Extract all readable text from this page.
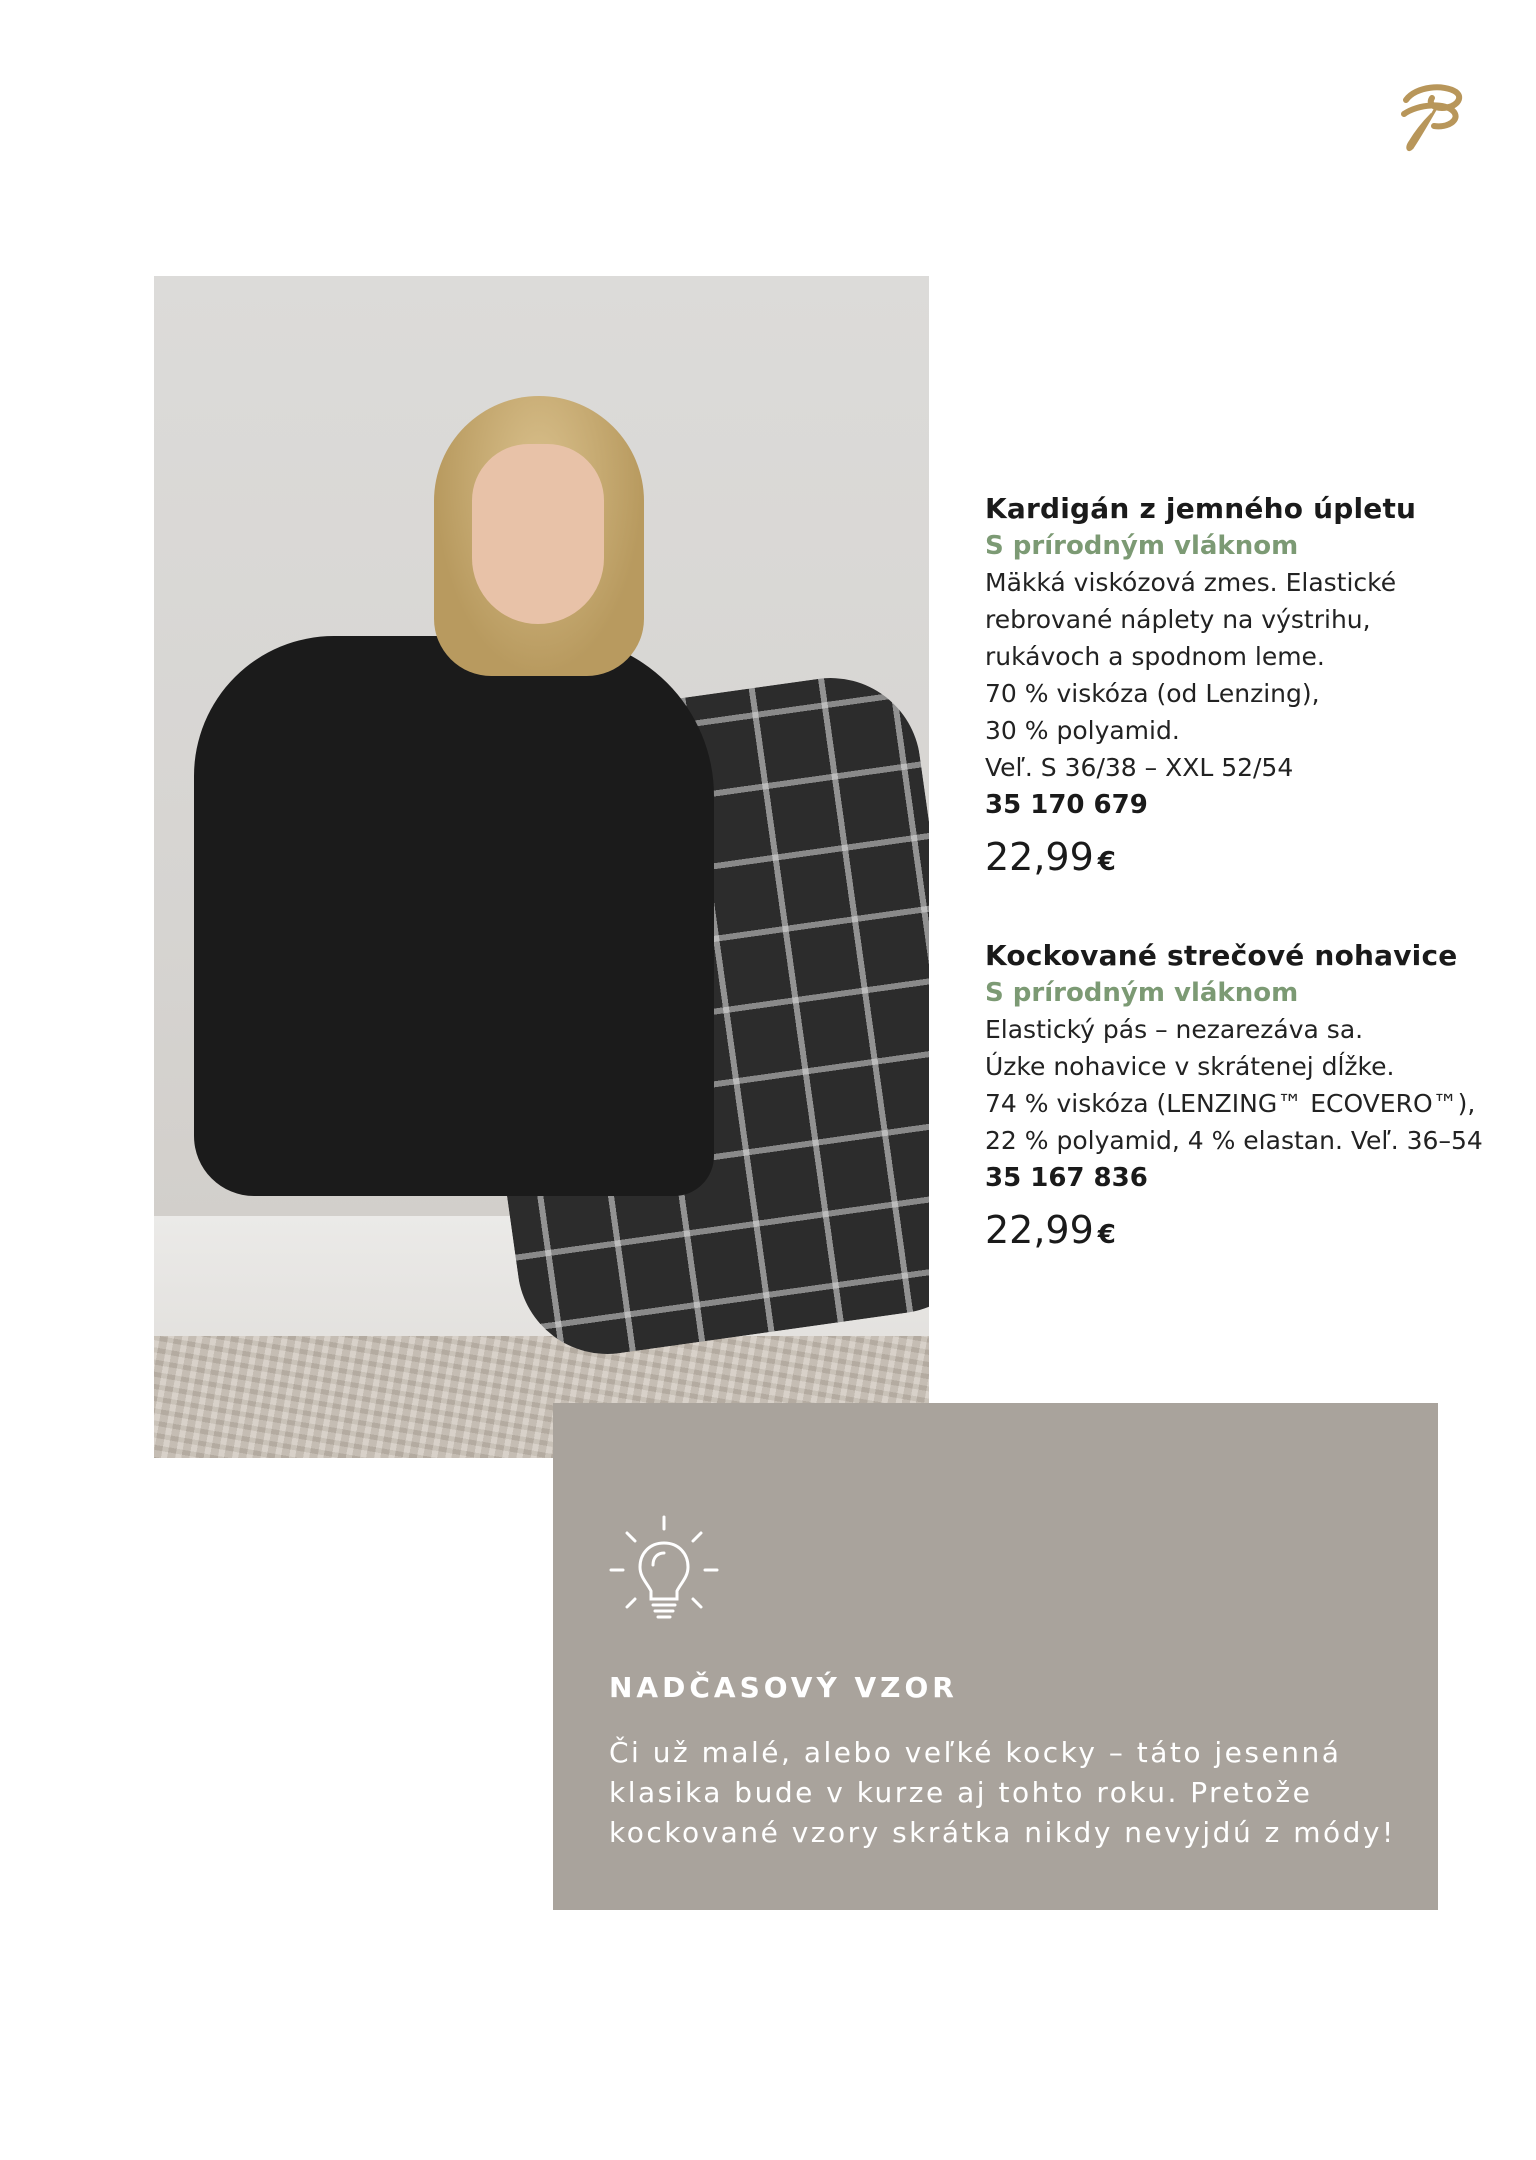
Kardigán z jemného úpletu
S prírodným vláknom
Mäkká viskózová zmes. Elastické
rebrované náplety na výstrihu,
rukávoch a spodnom leme.
70 % viskóza (od Lenzing),
30 % polyamid.
Veľ. S 36/38 – XXL 52/54
35 170 679
22,99 €
Kockované strečové nohavice
S prírodným vláknom
Elastický pás – nezarezáva sa.
Úzke nohavice v skrátenej dĺžke.
74 % viskóza (LENZING™ ECOVERO™),
22 % polyamid, 4 % elastan. Veľ. 36–54
35 167 836
22,99 €
NADČASOVÝ VZOR
Či už malé, alebo veľké kocky – táto jesenná
klasika bude v kurze aj tohto roku. Pretože
kockované vzory skrátka nikdy nevyjdú z módy!
